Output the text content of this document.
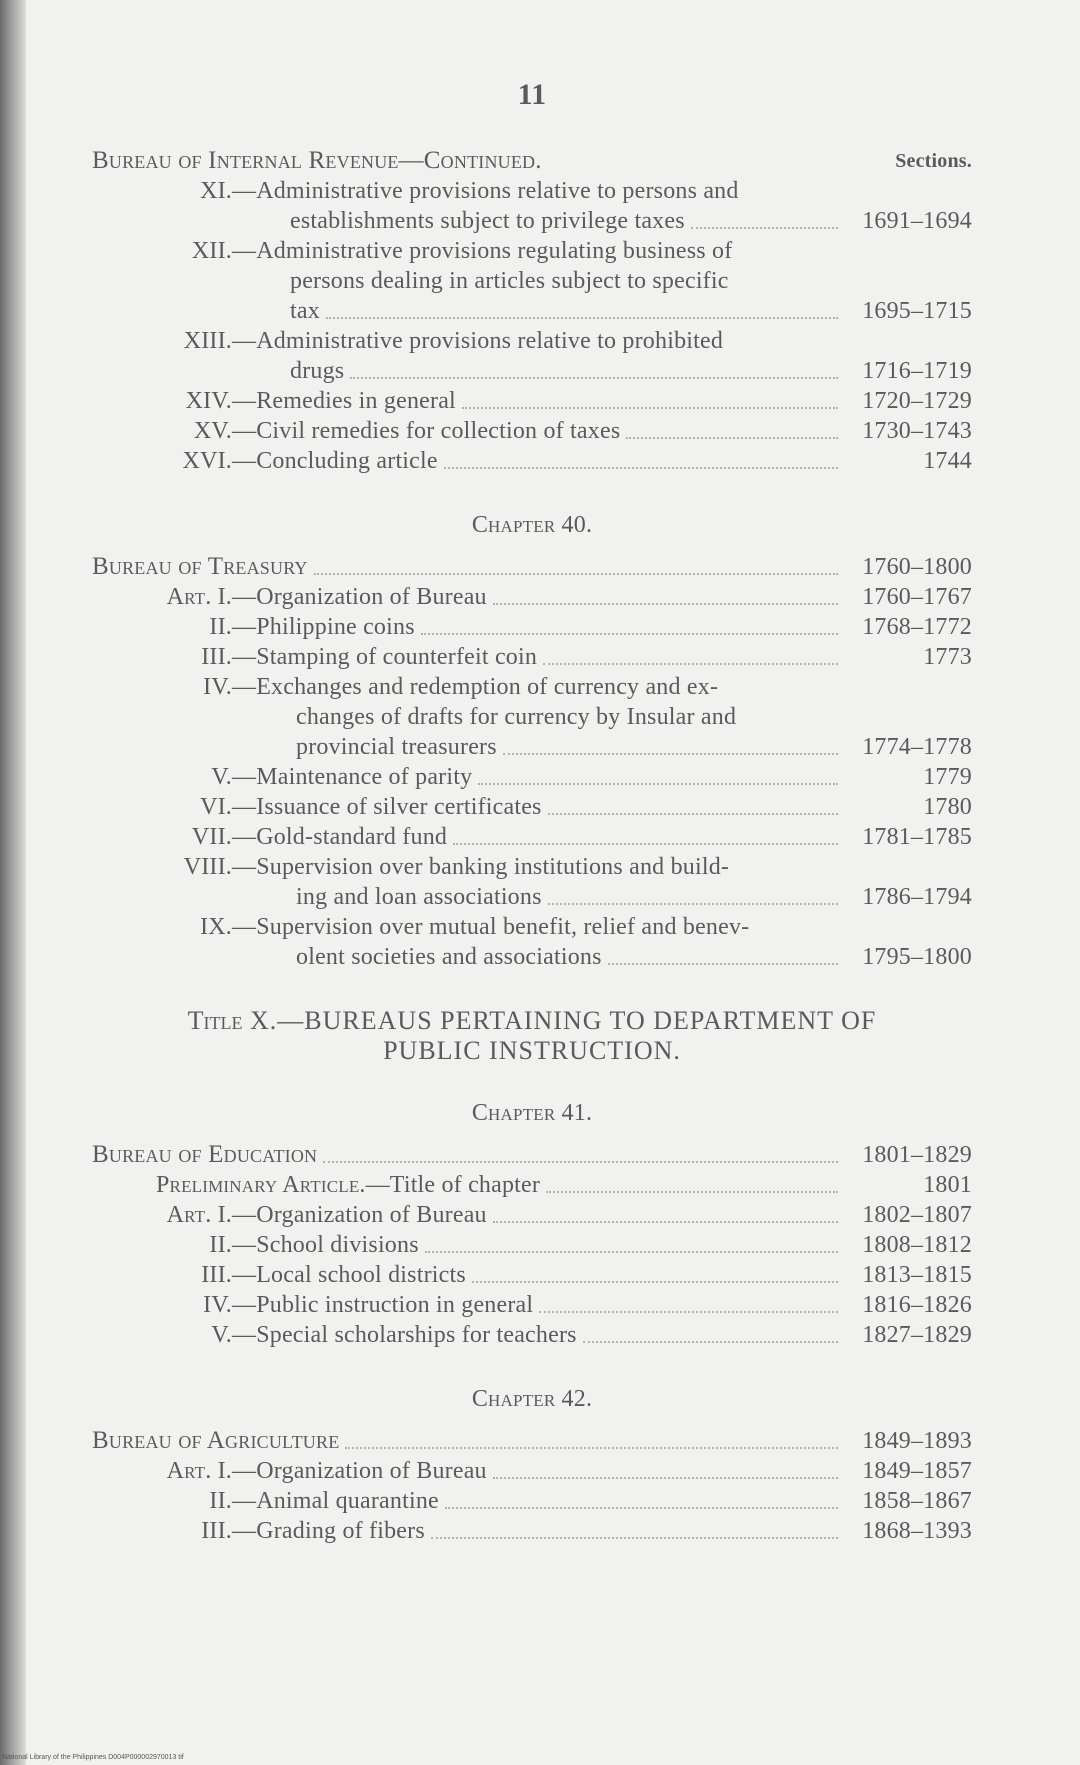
11
Bureau of Internal Revenue—Continued.	Sections.
XI. —Administrative provisions relative to persons and
establishments subject to privilege taxes	1691–1694
XII. —Administrative provisions regulating business of
persons dealing in articles subject to specific
tax	1695–1715
XIII. —Administrative provisions relative to prohibited
drugs	1716–1719
XIV. —Remedies in general	1720–1729
XV. —Civil remedies for collection of taxes	1730–1743
XVI. —Concluding article	1744
Chapter 40.
Bureau of Treasury	1760–1800
Art. I. —Organization of Bureau	1760–1767
II. —Philippine coins	1768–1772
III. —Stamping of counterfeit coin	1773
IV. —Exchanges and redemption of currency and ex-
changes of drafts for currency by Insular and
provincial treasurers	1774–1778
V. —Maintenance of parity	1779
VI. —Issuance of silver certificates	1780
VII. —Gold-standard fund	1781–1785
VIII. —Supervision over banking institutions and build-
ing and loan associations	1786–1794
IX. —Supervision over mutual benefit, relief and benev-
olent societies and associations	1795–1800
Title X.—BUREAUS PERTAINING TO DEPARTMENT OF
PUBLIC INSTRUCTION.
Chapter 41.
Bureau of Education	1801–1829
Preliminary Article. —Title of chapter	1801
Art. I. —Organization of Bureau	1802–1807
II. —School divisions	1808–1812
III. —Local school districts	1813–1815
IV. —Public instruction in general	1816–1826
V. —Special scholarships for teachers	1827–1829
Chapter 42.
Bureau of Agriculture	1849–1893
Art. I. —Organization of Bureau	1849–1857
II. —Animal quarantine	1858–1867
III. —Grading of fibers	1868–1393
National Library of the Philippines D004P000002970013 tif
